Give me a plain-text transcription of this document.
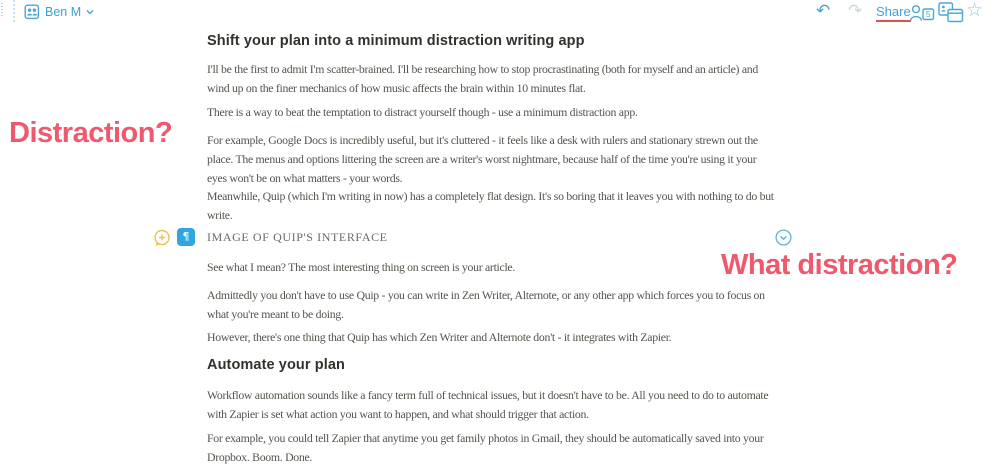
Ben M	↶ ↷ Share 5 ☆
Shift your plan into a minimum distraction writing app

I'll be the first to admit I'm scatter-brained. I'll be researching how to stop procrastinating (both for myself and an article) and wind up on the finer mechanics of how music affects the brain within 10 minutes flat.

There is a way to beat the temptation to distract yourself though - use a minimum distraction app.

For example, Google Docs is incredibly useful, but it's cluttered - it feels like a desk with rulers and stationary strewn out the place. The menus and options littering the screen are a writer's worst nightmare, because half of the time you're using it your eyes won't be on what matters - your words.

Meanwhile, Quip (which I'm writing in now) has a completely flat design. It's so boring that it leaves you with nothing to do but write.

See what I mean? The most interesting thing on screen is your article.

Admittedly you don't have to use Quip - you can write in Zen Writer, Alternote, or any other app which forces you to focus on what you're meant to be doing.

However, there's one thing that Quip has which Zen Writer and Alternote don't - it integrates with Zapier.

Automate your plan

Workflow automation sounds like a fancy term full of technical issues, but it doesn't have to be. All you need to do to automate with Zapier is set what action you want to happen, and what should trigger that action.

For example, you could tell Zapier that anytime you get family photos in Gmail, they should be automatically saved into your Dropbox. Boom. Done.

¶	IMAGE OF QUIP'S INTERFACE
Distraction?
What distraction?
